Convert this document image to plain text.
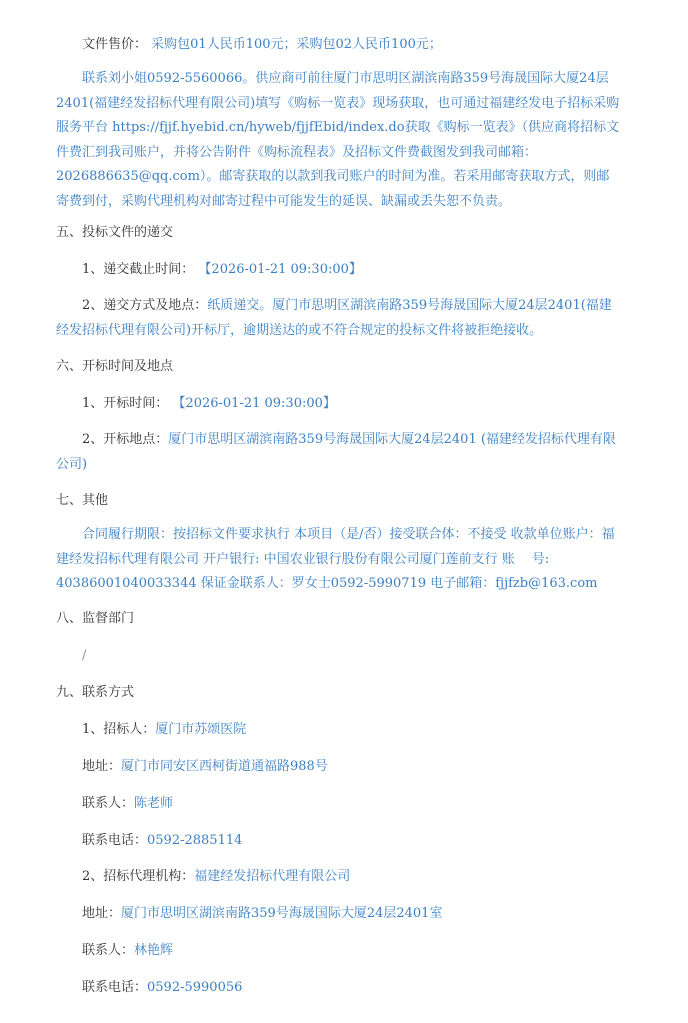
文件售价： 采购包01人民币100元；采购包02人民币100元；
联系刘小姐0592-5560066。供应商可前往厦门市思明区湖滨南路359号海晟国际大厦24层2401(福建经发招标代理有限公司)填写《购标一览表》现场获取，也可通过福建经发电子招标采购服务平台 https://fjjf.hyebid.cn/hyweb/fjjfEbid/index.do获取《购标一览表》（供应商将招标文件费汇到我司账户，并将公告附件《购标流程表》及招标文件费截图发到我司邮箱：2026886635@qq.com）。邮寄获取的以款到我司账户的时间为准。若采用邮寄获取方式，则邮寄费到付，采购代理机构对邮寄过程中可能发生的延误、缺漏或丢失恕不负责。
五、投标文件的递交
1、递交截止时间： 【2026-01-21 09:30:00】
2、递交方式及地点：纸质递交。厦门市思明区湖滨南路359号海晟国际大厦24层2401(福建经发招标代理有限公司)开标厅，逾期送达的或不符合规定的投标文件将被拒绝接收。
六、开标时间及地点
1、开标时间： 【2026-01-21 09:30:00】
2、开标地点：厦门市思明区湖滨南路359号海晟国际大厦24层2401 (福建经发招标代理有限公司)
七、其他
合同履行期限：按招标文件要求执行 本项目（是/否）接受联合体：不接受 收款单位账户：福建经发招标代理有限公司 开户银行: 中国农业银行股份有限公司厦门莲前支行 账　 号: 403860010400333​44 保证金联系人：罗女士0592-5990719 电子邮箱：fjjfzb@163.com
八、监督部门
/
九、联系方式
1、招标人：厦门市苏颂医院
地址：厦门市同安区西柯街道通福路988号
联系人：陈老师
联系电话：0592-2885114
2、招标代理机构：福建经发招标代理有限公司
地址：厦门市思明区湖滨南路359号海晟国际大厦24层2401室
联系人：林艳辉
联系电话：0592-5990056
